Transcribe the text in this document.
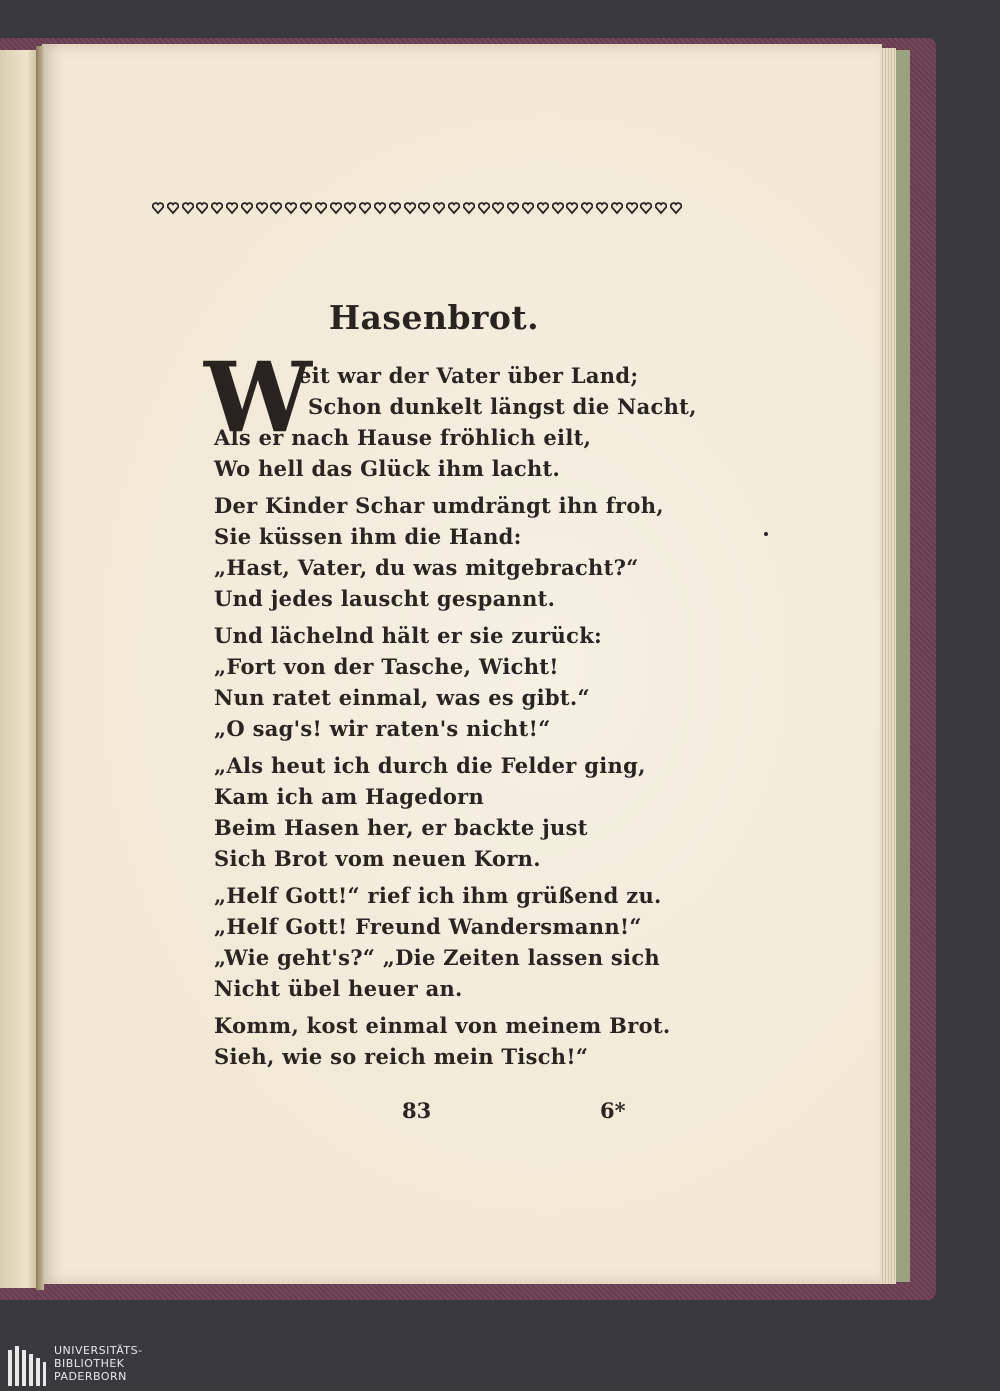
Hasenbrot.
W
eit war der Vater über Land;
Schon dunkelt längst die Nacht,
Als er nach Hause fröhlich eilt,
Wo hell das Glück ihm lacht.
Der Kinder Schar umdrängt ihn froh,
Sie küssen ihm die Hand:
„Hast, Vater, du was mitgebracht?“
Und jedes lauscht gespannt.
Und lächelnd hält er sie zurück:
„Fort von der Tasche, Wicht!
Nun ratet einmal, was es gibt.“
„O sag's! wir raten's nicht!“
„Als heut ich durch die Felder ging,
Kam ich am Hagedorn
Beim Hasen her, er backte just
Sich Brot vom neuen Korn.
„Helf Gott!“ rief ich ihm grüßend zu.
„Helf Gott! Freund Wandersmann!“
„Wie geht's?“ „Die Zeiten lassen sich
Nicht übel heuer an.
Komm, kost einmal von meinem Brot.
Sieh, wie so reich mein Tisch!“
83	6*
UNIVERSITÄTS-
BIBLIOTHEK
PADERBORN
